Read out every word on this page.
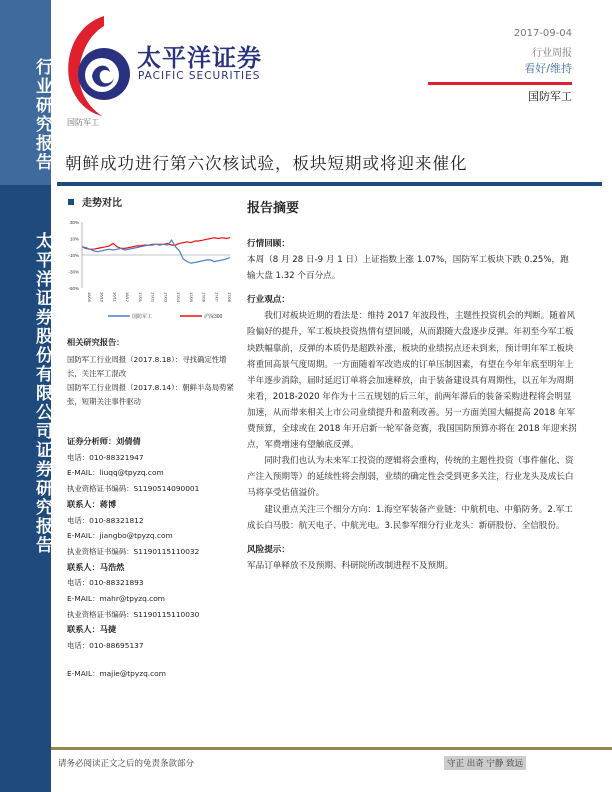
行业研究报告
太平洋证券股份有限公司证券研究报告
太平洋证券
PACIFIC SECURITIES
2017-09-04
行业周报
看好/维持
国防军工
国防军工
朝鲜成功进行第六次核试验，板块短期或将迎来催化
走势对比
30%
10%
-10%
-30%
-50%
16/09 16/10 16/11 16/12 17/01 17/02 17/03 17/04 17/05 17/06 17/07 17/08
国防军工	沪深300
报告摘要

行情回顾：

本周（8 月 28 日-9 月 1 日）上证指数上涨 1.07%，国防军工板块下跌 0.25%，跑输大盘 1.32 个百分点。

行业观点：

我们对板块近期的看法是：维持 2017 年波段性，主题性投资机会的判断。随着风险偏好的提升，军工板块投资热情有望回暖，从而跟随大盘逐步反弹。年初至今军工板块跌幅靠前，反弹的本质仍是超跌补涨，板块的业绩拐点还未到来，预计明年军工板块将重回高景气度周期。一方面随着军改造成的订单压制因素，有望在今年年底至明年上半年逐步消除，届时延迟订单将会加速释放，由于装备建设具有周期性，以五年为周期来看，2018-2020 年作为十三五规划的后三年，前两年滞后的装备采购进程将会明显加速，从而带来相关上市公司业绩提升和盈利改善。另一方面美国大幅提高 2018 年军费预算，全球或在 2018 年开启新一轮军备竞赛，我国国防预算亦将在 2018 年迎来拐点，军费增速有望触底反弹。

同时我们也认为未来军工投资的逻辑将会重构，传统的主题性投资（事件催化、资产注入预期等）的延续性将会削弱，业绩的确定性会受到更多关注，行业龙头及成长白马将享受估值溢价。

建议重点关注三个细分方向：1.海空军装备产业链：中航机电、中船防务。2.军工成长白马股：航天电子、中航光电。3.民参军细分行业龙头：新研股份、全信股份。

风险提示：

军品订单释放不及预期、科研院所改制进程不及预期。

相关研究报告：
国防军工行业周报（2017.8.18）：寻找确定性增长，关注军工混改
国防军工行业周报（2017.8.14）：朝鲜半岛局势紧张，短期关注事件驱动
证券分析师：刘倩倩
电话：010-88321947
E-MAIL：liuqq@tpyzq.com
执业资格证书编码：S1190514090001
联系人：蒋博
电话：010-88321812
E-MAIL：jiangbo@tpyzq.com
执业资格证书编码：S1190115110032
联系人：马浩然
电话：010-88321893
E-MAIL：mahr@tpyzq.com
执业资格证书编码：S1190115110030
联系人：马捷
电话：010-88695137
E-MAIL：majie@tpyzq.com
请务必阅读正文之后的免责条款部分	守正 出奇 宁静 致远
